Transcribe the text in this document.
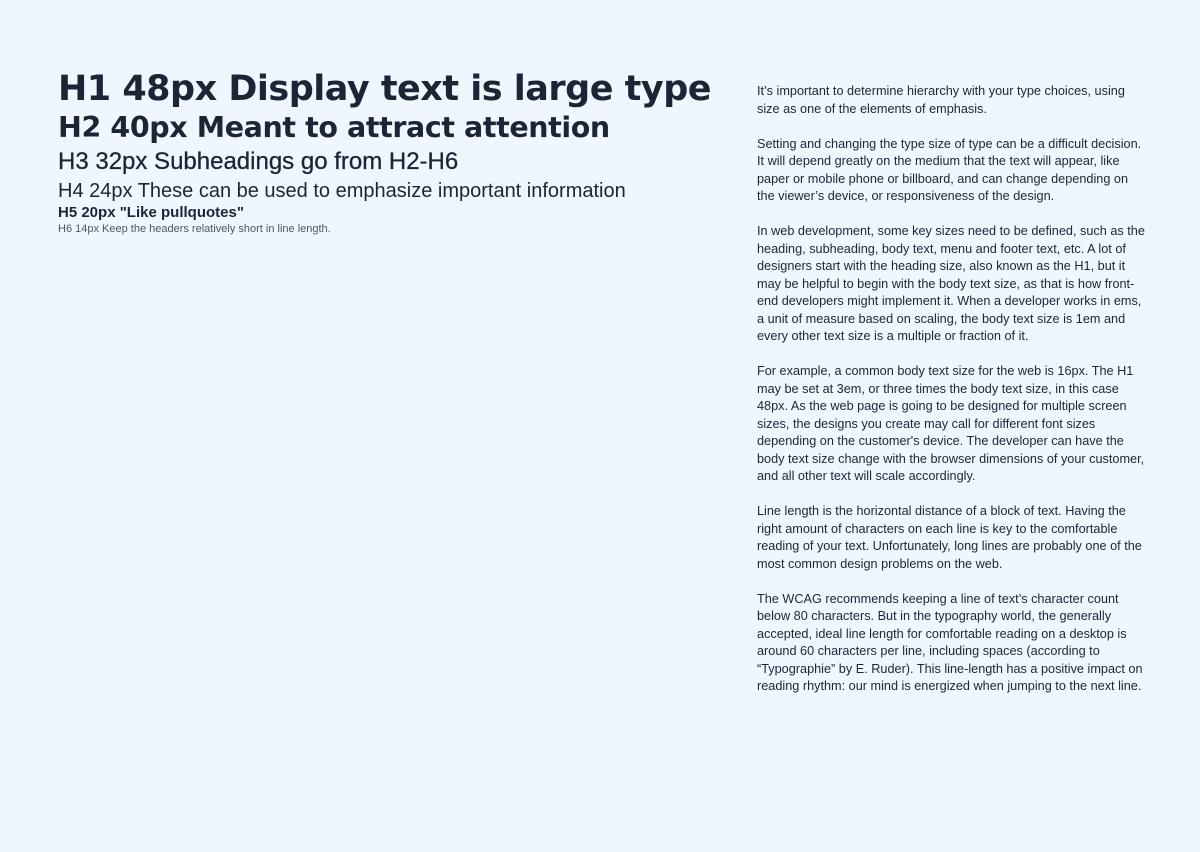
H1 48px Display text is large type
H2 40px Meant to attract attention
H3 32px Subheadings go from H2-H6
H4 24px These can be used to emphasize important information
H5 20px "Like pullquotes"
H6 14px Keep the headers relatively short in line length.

It’s important to determine hierarchy with your type choices, using size as one of the elements of emphasis.

Setting and changing the type size of type can be a difficult decision. It will depend greatly on the medium that the text will appear, like paper or mobile phone or billboard, and can change depending on the viewer’s device, or responsiveness of the design.

In web development, some key sizes need to be defined, such as the heading, subheading, body text, menu and footer text, etc. A lot of designers start with the heading size, also known as the H1, but it may be helpful to begin with the body text size, as that is how front-end developers might implement it. When a developer works in ems, a unit of measure based on scaling, the body text size is 1em and every other text size is a multiple or fraction of it.

For example, a common body text size for the web is 16px. The H1 may be set at 3em, or three times the body text size, in this case 48px. As the web page is going to be designed for multiple screen sizes, the designs you create may call for different font sizes depending on the customer's device. The developer can have the body text size change with the browser dimensions of your customer, and all other text will scale accordingly.

Line length is the horizontal distance of a block of text. Having the right amount of characters on each line is key to the comfortable reading of your text. Unfortunately, long lines are probably one of the most common design problems on the web.

The WCAG recommends keeping a line of text’s character count below 80 characters. But in the typography world, the generally accepted, ideal line length for comfortable reading on a desktop is around 60 characters per line, including spaces (according to “Typographie” by E. Ruder). This line-length has a positive impact on reading rhythm: our mind is energized when jumping to the next line.
